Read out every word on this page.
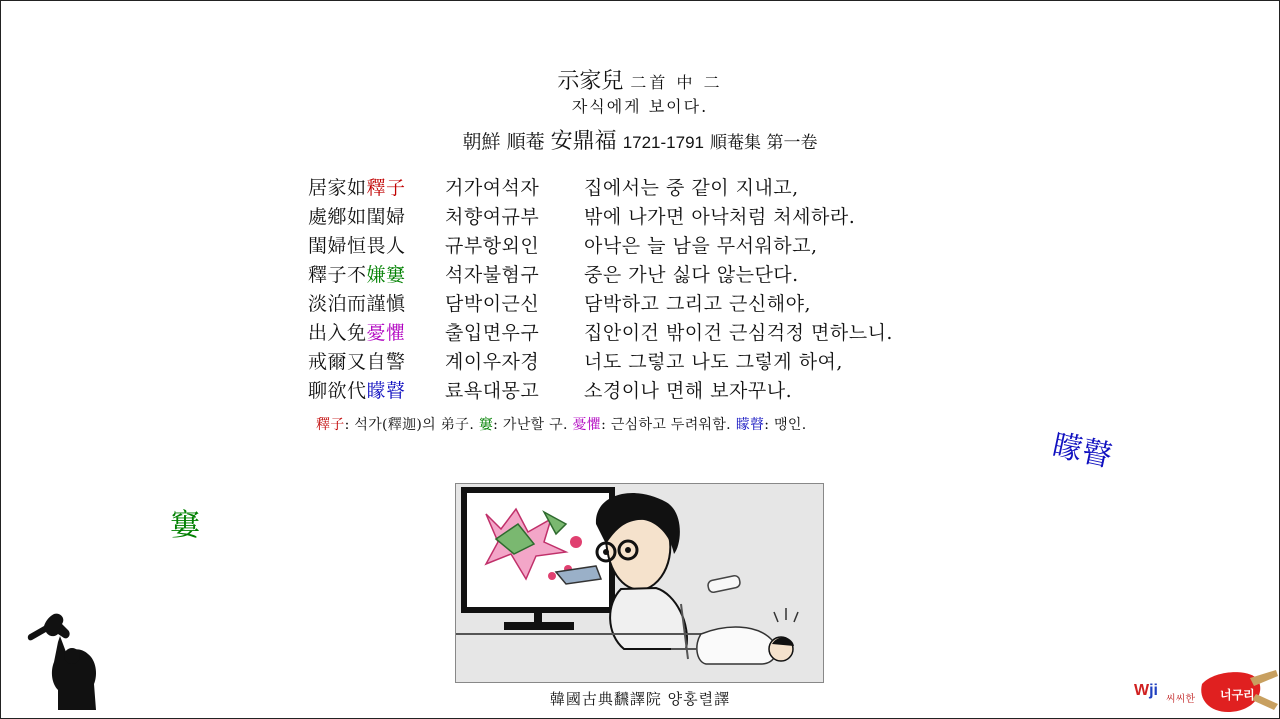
示家兒 二首 中 二
자식에게 보이다.
朝鮮 順菴 安鼎福 1721-1791 順菴集 第一卷
居家如釋子	거가여석자	집에서는 중 같이 지내고,
處鄕如閨婦	처향여규부	밖에 나가면 아낙처럼 처세하라.
閨婦恒畏人	규부항외인	아낙은 늘 남을 무서워하고,
釋子不嫌窶	석자불혐구	중은 가난 싫다 않는단다.
淡泊而謹愼	담박이근신	담박하고 그리고 근신해야,
出入免憂懼	출입면우구	집안이건 밖이건 근심걱정 면하느니.
戒爾又自警	계이우자경	너도 그렇고 나도 그렇게 하여,
聊欲代矇瞽	료욕대몽고	소경이나 면해 보자꾸나.
釋子: 석가(釋迦)의 弟子. 窶: 가난할 구. 憂懼: 근심하고 두려워함. 矇瞽: 맹인.
矇瞽
窶
韓國古典飜譯院 양홍렬譯	Wji
씨씨한 너구리
